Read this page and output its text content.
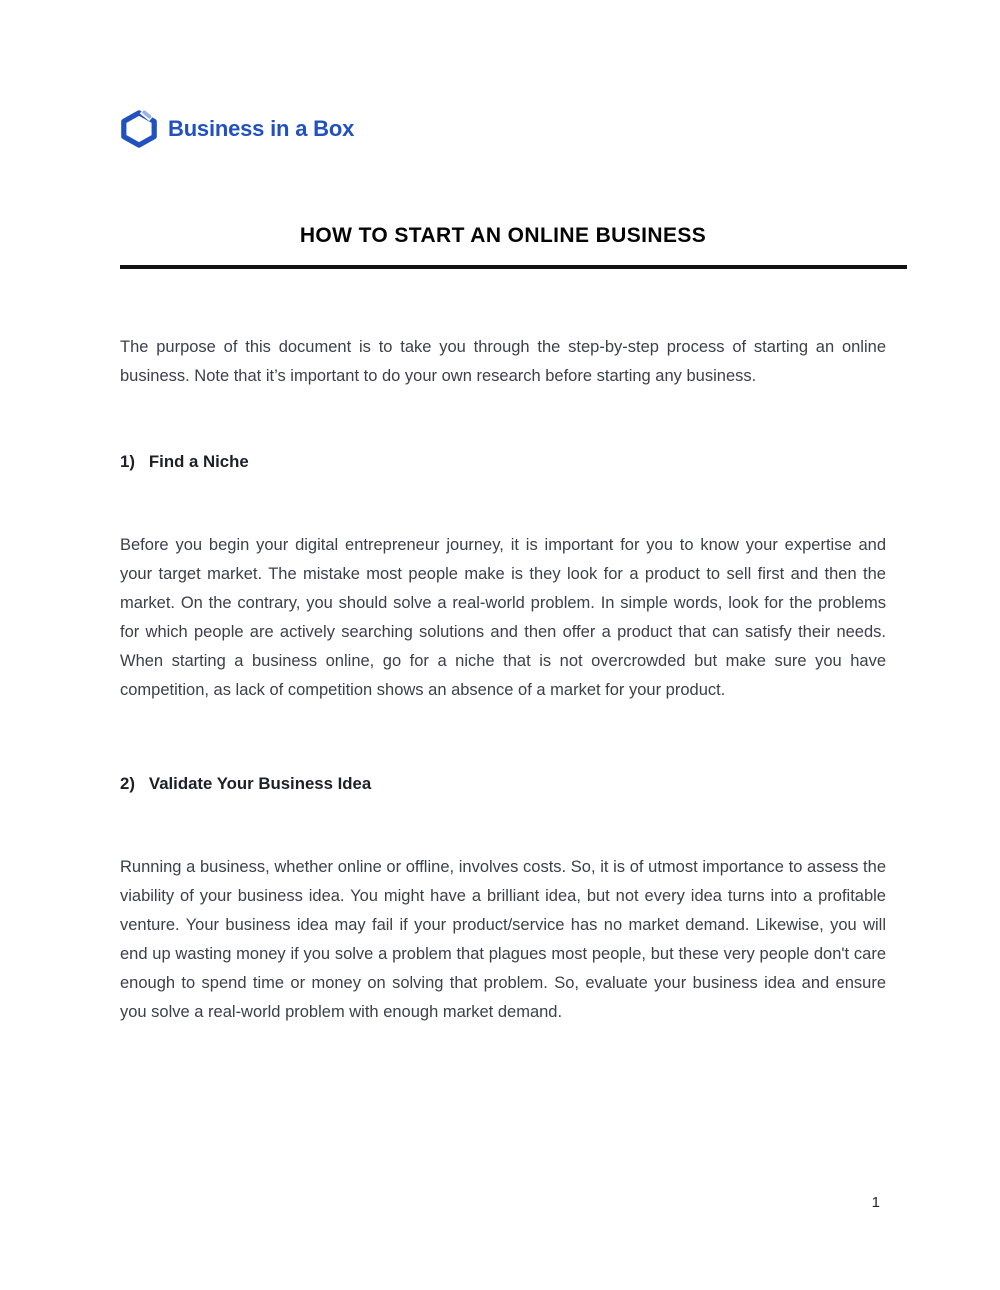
Business in a Box
HOW TO START AN ONLINE BUSINESS

The purpose of this document is to take you through the step-by-step process of starting an online business. Note that it’s important to do your own research before starting any business.

1) Find a Niche

Before you begin your digital entrepreneur journey, it is important for you to know your expertise and your target market. The mistake most people make is they look for a product to sell first and then the market. On the contrary, you should solve a real-world problem. In simple words, look for the problems for which people are actively searching solutions and then offer a product that can satisfy their needs. When starting a business online, go for a niche that is not overcrowded but make sure you have competition, as lack of competition shows an absence of a market for your product.

2) Validate Your Business Idea

Running a business, whether online or offline, involves costs. So, it is of utmost importance to assess the viability of your business idea. You might have a brilliant idea, but not every idea turns into a profitable venture. Your business idea may fail if your product/service has no market demand. Likewise, you will end up wasting money if you solve a problem that plagues most people, but these very people don't care enough to spend time or money on solving that problem. So, evaluate your business idea and ensure you solve a real-world problem with enough market demand.

1
